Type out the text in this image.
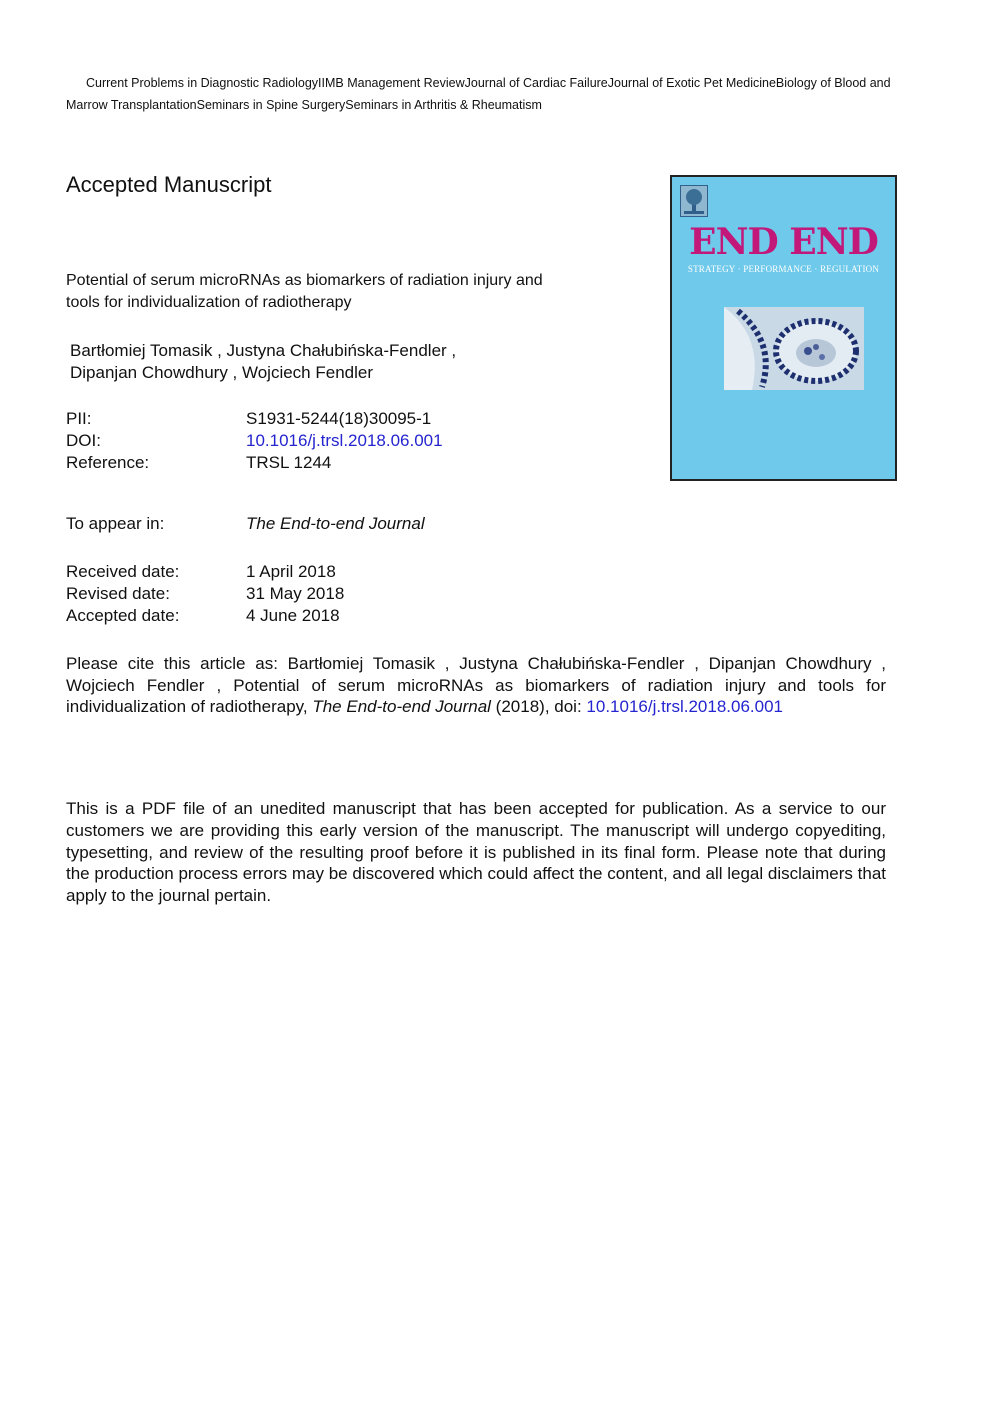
Current Problems in Diagnostic RadiologyIIMB Management ReviewJournal of Cardiac FailureJournal of Exotic Pet MedicineBiology of Blood and Marrow TransplantationSeminars in Spine SurgerySeminars in Arthritis & Rheumatism
Accepted Manuscript
Potential of serum microRNAs as biomarkers of radiation injury and
tools for individualization of radiotherapy
Bartłomiej Tomasik , Justyna Chałubińska-Fendler ,
Dipanjan Chowdhury , Wojciech Fendler
PII:	S1931-5244(18)30095-1
DOI:	10.1016/j.trsl.2018.06.001
Reference:	TRSL 1244
To appear in:	The End-to-end Journal
Received date:	1 April 2018
Revised date:	31 May 2018
Accepted date:	4 June 2018
Please cite this article as: Bartłomiej Tomasik , Justyna Chałubińska-Fendler , Dipanjan Chowdhury , Wojciech Fendler , Potential of serum microRNAs as biomarkers of radiation injury and tools for individualization of radiotherapy, The End-to-end Journal (2018), doi: 10.1016/j.trsl.2018.06.001
This is a PDF file of an unedited manuscript that has been accepted for publication. As a service to our customers we are providing this early version of the manuscript. The manuscript will undergo copyediting, typesetting, and review of the resulting proof before it is published in its final form. Please note that during the production process errors may be discovered which could affect the content, and all legal disclaimers that apply to the journal pertain.
END END
STRATEGY · PERFORMANCE · REGULATION
